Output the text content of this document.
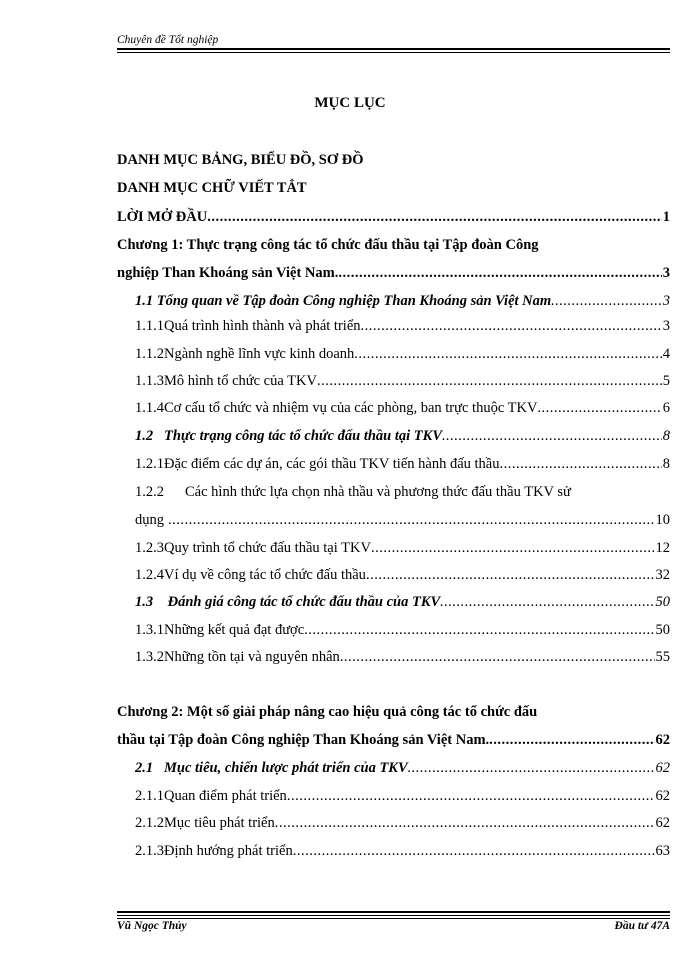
Chuyên đề Tốt nghiệp
MỤC LỤC
DANH MỤC BẢNG, BIỂU ĐỒ, SƠ ĐỒ
DANH MỤC CHỮ VIẾT TẮT
LỜI MỞ ĐẦU .....	1
Chương 1: Thực trạng công tác tổ chức đấu thầu tại Tập đoàn Công
nghiệp Than Khoáng sản Việt Nam. .....	3
1.1 Tổng quan về Tập đoàn Công nghiệp Than Khoáng sản Việt Nam .....	3
1.1.1 Quá trình hình thành và phát triển .....	3
1.1.2 Ngành nghề lĩnh vực kinh doanh .....	4
1.1.3 Mô hình tổ chức của TKV .....	5
1.1.4 Cơ cấu tổ chức và nhiệm vụ của các phòng, ban trực thuộc TKV .....	6
1.2 Thực trạng công tác tổ chức đấu thầu tại TKV .....	8
1.2.1 Đặc điểm các dự án, các gói thầu TKV tiến hành đấu thầu .....	8
1.2.2	Các hình thức lựa chọn nhà thầu và phương thức đấu thầu TKV sử
dụng .....	10
1.2.3 Quy trình tổ chức đấu thầu tại TKV .....	12
1.2.4 Ví dụ về công tác tổ chức đấu thầu .....	32
1.3 Đánh giá công tác tổ chức đấu thầu của TKV .....	50
1.3.1 Những kết quả đạt được .....	50
1.3.2 Những tồn tại và nguyên nhân .....	55
Chương 2: Một số giải pháp nâng cao hiệu quả công tác tổ chức đấu
thầu tại Tập đoàn Công nghiệp Than Khoáng sản Việt Nam. .....	62
2.1 Mục tiêu, chiến lược phát triển của TKV .....	62
2.1.1 Quan điểm phát triển .....	62
2.1.2 Mục tiêu phát triển .....	62
2.1.3 Định hướng phát triển .....	63
Vũ Ngọc Thủy	Đầu tư 47A
